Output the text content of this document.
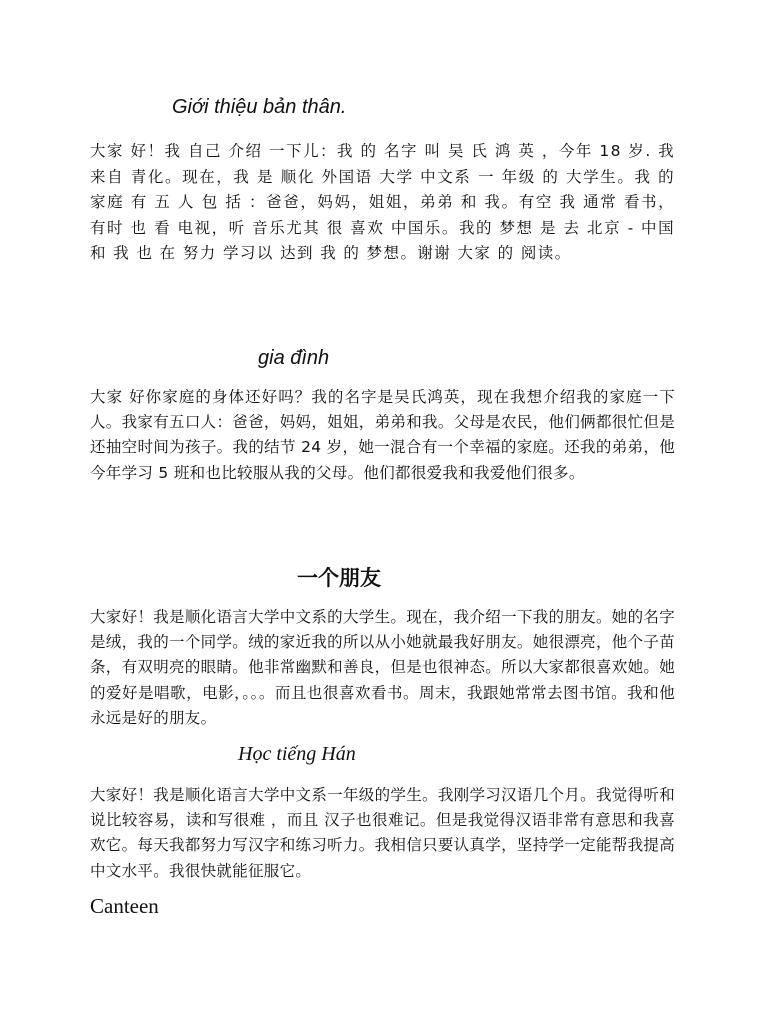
Giới thiệu bản thân.
大家 好！我 自己 介绍 一下儿：我 的 名字 叫 吴 氏 鸿 英 ，今年 18 岁. 我 来自 青化。现在，我 是 顺化 外国语 大学 中文系 一 年级 的 大学生。我 的 家庭 有 五 人 包 括 ：爸爸，妈妈，姐姐，弟弟 和 我。有空 我 通常 看书， 有时 也 看 电视，听 音乐尤其 很 喜欢 中国乐。我的 梦想 是 去 北京 - 中国 和 我 也 在 努力 学习以 达到 我 的 梦想。谢谢 大家 的 阅读。
gia đình
大家 好你家庭的身体还好吗？我的名字是吴氏鸿英，现在我想介绍我的家庭一下人。我家有五口人：爸爸，妈妈，姐姐，弟弟和我。父母是农民，他们俩都很忙但是还抽空时间为孩子。我的结节 24 岁，她一混合有一个幸福的家庭。还我的弟弟，他 今年学习 5 班和也比较服从我的父母。他们都很爱我和我爱他们很多。
一个朋友
大家好！我是顺化语言大学中文系的大学生。现在，我介绍一下我的朋友。她的名字是绒，我的一个同学。绒的家近我的所以从小她就最我好朋友。她很漂亮，他个子苗条，有双明亮的眼睛。他非常幽默和善良，但是也很神态。所以大家都很喜欢她。她的爱好是唱歌，电影，。。。而且也很喜欢看书。周末，我跟她常常去图书馆。我和他永远是好的朋友。
Học tiếng Hán
大家好！我是顺化语言大学中文系一年级的学生。我刚学习汉语几个月。我觉得听和说比较容易，读和写很难 ，而且 汉子也很难记。但是我觉得汉语非常有意思和我喜欢它。每天我都努力写汉字和练习听力。我相信只要认真学，坚持学一定能帮我提高中文水平。我很快就能征服它。
Canteen
